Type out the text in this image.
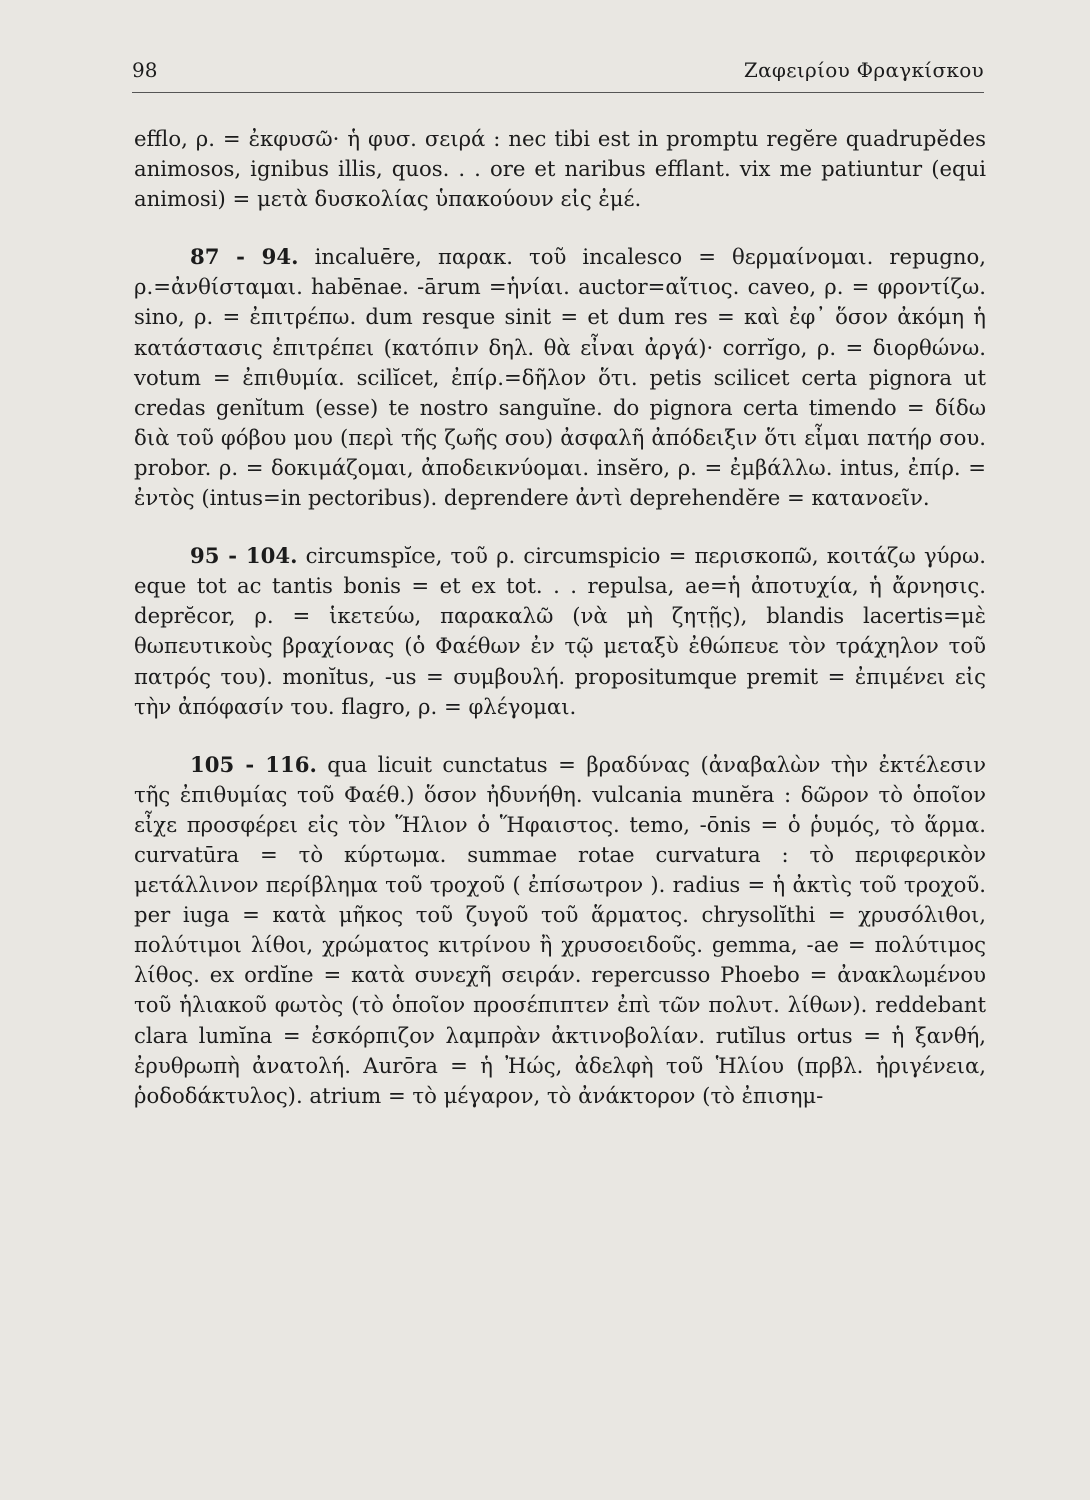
98	Ζαφειρίου Φραγκίσκου

efflo, ρ. = ἐκφυσῶ· ἡ φυσ. σειρά : nec tibi est in promptu regĕre quadrupĕdes animosos, ignibus illis, quos. . . ore et naribus efflant. vix me patiuntur (equi animosi) = μετὰ δυσκολίας ὑπακούουν εἰς ἐμέ.

87 - 94. incaluēre, παρακ. τοῦ incalesco = θερμαίνομαι. repugno, ρ.=ἀνθίσταμαι. habēnae. -ārum =ἡνίαι. auctor=αἴτιος. caveo, ρ. = φροντίζω. sino, ρ. = ἐπιτρέπω. dum resque sinit = et dum res = καὶ ἐφ᾽ ὅσον ἀκόμη ἡ κατάστασις ἐπιτρέπει (κατόπιν δηλ. θὰ εἶναι ἀργά)· corrĭgo, ρ. = διορθώνω. votum = ἐπιθυμία. scilĭcet, ἐπίρ.=δῆλον ὅτι. petis scilicet certa pignora ut credas genĭtum (esse) te nostro sanguĭne. do pignora certa timendo = δίδω διὰ τοῦ φόβου μου (περὶ τῆς ζωῆς σου) ἀσφαλῆ ἀπόδειξιν ὅτι εἶμαι πατήρ σου. probor. ρ. = δοκιμάζομαι, ἀποδεικνύομαι. insĕro, ρ. = ἐμβάλλω. intus, ἐπίρ. = ἐντὸς (intus=in pectoribus). deprendere ἀντὶ deprehendĕre = κατανοεῖν.

95 - 104. circumspĭce, τοῦ ρ. circumspicio = περισκοπῶ, κοιτάζω γύρω. eque tot ac tantis bonis = et ex tot. . . repulsa, ae=ἡ ἀποτυχία, ἡ ἄρνησις. deprĕcor, ρ. = ἱκετεύω, παρακαλῶ (νὰ μὴ ζητῇς), blandis lacertis=μὲ θωπευτικοὺς βραχίονας (ὁ Φαέθων ἐν τῷ μεταξὺ ἐθώπευε τὸν τράχηλον τοῦ πατρός του). monĭtus, -us = συμβουλή. propositumque premit = ἐπιμένει εἰς τὴν ἀπόφασίν του. flagro, ρ. = φλέγομαι.

105 - 116. qua licuit cunctatus = βραδύνας (ἀναβαλὼν τὴν ἐκτέλεσιν τῆς ἐπιθυμίας τοῦ Φαέθ.) ὅσον ἠδυνήθη. vulcania munĕra : δῶρον τὸ ὁποῖον εἶχε προσφέρει εἰς τὸν Ἥλιον ὁ Ἥφαιστος. temo, -ōnis = ὁ ῥυμός, τὸ ἅρμα. curvatūra = τὸ κύρτωμα. summae rotae curvatura : τὸ περιφερικὸν μετάλλινον περίβλημα τοῦ τροχοῦ ( ἐπίσωτρον ). radius = ἡ ἀκτὶς τοῦ τροχοῦ. per iuga = κατὰ μῆκος τοῦ ζυγοῦ τοῦ ἅρματος. chrysolĭthi = χρυσόλιθοι, πολύτιμοι λίθοι, χρώματος κιτρίνου ἢ χρυσοειδοῦς. gemma, -ae = πολύτιμος λίθος. ex ordĭne = κατὰ συνεχῆ σειράν. repercusso Phoebo = ἀνακλωμένου τοῦ ἡλιακοῦ φωτὸς (τὸ ὁποῖον προσέπιπτεν ἐπὶ τῶν πολυτ. λίθων). reddebant clara lumĭna = ἐσκόρπιζον λαμπρὰν ἀκτινοβολίαν. rutĭlus ortus = ἡ ξανθή, ἐρυθρωπὴ ἀνατολή. Aurōra = ἡ Ἠώς, ἀδελφὴ τοῦ Ἡλίου (πρβλ. ἠριγένεια, ῥοδοδάκτυλος). atrium = τὸ μέγαρον, τὸ ἀνάκτορον (τὸ ἐπισημ-
